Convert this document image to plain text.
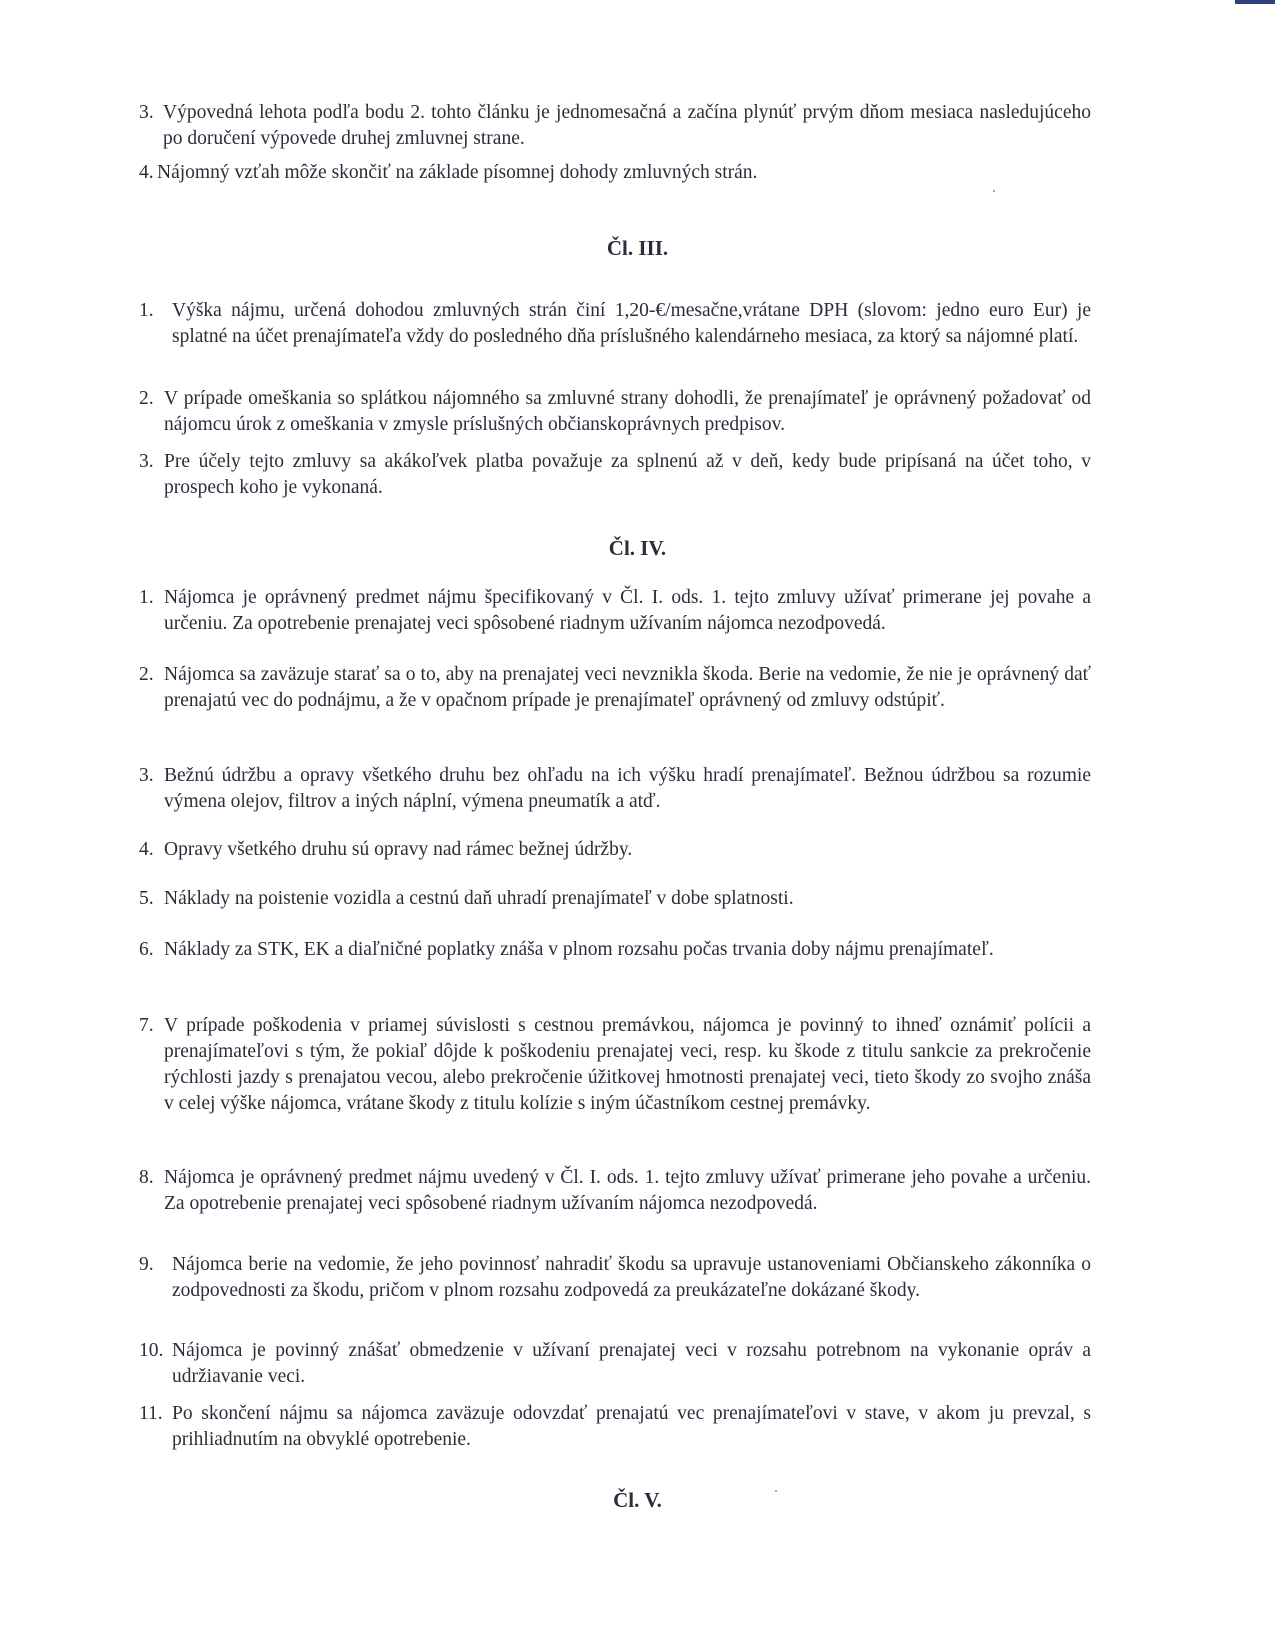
3. Výpovedná lehota podľa bodu 2. tohto článku je jednomesačná a začína plynúť prvým dňom mesiaca nasledujúceho po doručení výpovede druhej zmluvnej strane.
4. Nájomný vzťah môže skončiť na základe písomnej dohody zmluvných strán.
Čl. III.
1. Výška nájmu, určená dohodou zmluvných strán činí 1,20-€/mesačne,vrátane DPH (slovom: jedno euro Eur) je splatné na účet prenajímateľa vždy do posledného dňa príslušného kalendárneho mesiaca, za ktorý sa nájomné platí.
2. V prípade omeškania so splátkou nájomného sa zmluvné strany dohodli, že prenajímateľ je oprávnený požadovať od nájomcu úrok z omeškania v zmysle príslušných občianskoprávnych predpisov.
3. Pre účely tejto zmluvy sa akákoľvek platba považuje za splnenú až v deň, kedy bude pripísaná na účet toho, v prospech koho je vykonaná.
Čl. IV.
1. Nájomca je oprávnený predmet nájmu špecifikovaný v Čl. I. ods. 1. tejto zmluvy užívať primerane jej povahe a určeniu. Za opotrebenie prenajatej veci spôsobené riadnym užívaním nájomca nezodpovedá.
2. Nájomca sa zaväzuje starať sa o to, aby na prenajatej veci nevznikla škoda. Berie na vedomie, že nie je oprávnený dať prenajatú vec do podnájmu, a že v opačnom prípade je prenajímateľ oprávnený od zmluvy odstúpiť.
3. Bežnú údržbu a opravy všetkého druhu bez ohľadu na ich výšku hradí prenajímateľ. Bežnou údržbou sa rozumie výmena olejov, filtrov a iných náplní, výmena pneumatík a atď.
4. Opravy všetkého druhu sú opravy nad rámec bežnej údržby.
5. Náklady na poistenie vozidla a cestnú daň uhradí prenajímateľ v dobe splatnosti.
6. Náklady za STK, EK a diaľničné poplatky znáša v plnom rozsahu počas trvania doby nájmu prenajímateľ.
7. V prípade poškodenia v priamej súvislosti s cestnou premávkou, nájomca je povinný to ihneď oznámiť polícii a prenajímateľovi s tým, že pokiaľ dôjde k poškodeniu prenajatej veci, resp. ku škode z titulu sankcie za prekročenie rýchlosti jazdy s prenajatou vecou, alebo prekročenie úžitkovej hmotnosti prenajatej veci, tieto škody zo svojho znáša v celej výške nájomca, vrátane škody z titulu kolízie s iným účastníkom cestnej premávky.
8. Nájomca je oprávnený predmet nájmu uvedený v Čl. I. ods. 1. tejto zmluvy užívať primerane jeho povahe a určeniu. Za opotrebenie prenajatej veci spôsobené riadnym užívaním nájomca nezodpovedá.
9. Nájomca berie na vedomie, že jeho povinnosť nahradiť škodu sa upravuje ustanoveniami Občianskeho zákonníka o zodpovednosti za škodu, pričom v plnom rozsahu zodpovedá za preukázateľne dokázané škody.
10. Nájomca je povinný znášať obmedzenie v užívaní prenajatej veci v rozsahu potrebnom na vykonanie opráv a udržiavanie veci.
11. Po skončení nájmu sa nájomca zaväzuje odovzdať prenajatú vec prenajímateľovi v stave, v akom ju prevzal, s prihliadnutím na obvyklé opotrebenie.
Čl. V.
